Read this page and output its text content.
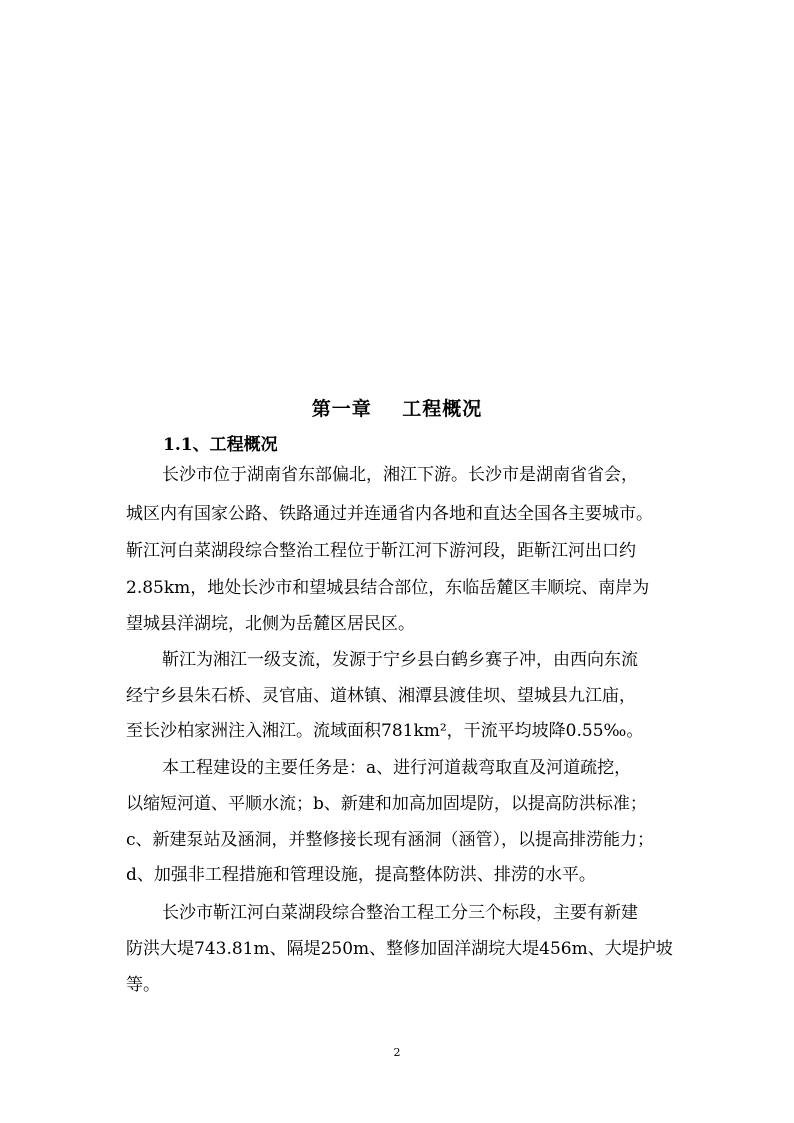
第一章    工程概况
1.1、工程概况
长沙市位于湖南省东部偏北，湘江下游。长沙市是湖南省省会，
城区内有国家公路、铁路通过并连通省内各地和直达全国各主要城市。
靳江河白菜湖段综合整治工程位于靳江河下游河段，距靳江河出口约
2.85km，地处长沙市和望城县结合部位，东临岳麓区丰顺垸、南岸为
望城县洋湖垸，北侧为岳麓区居民区。
靳江为湘江一级支流，发源于宁乡县白鹤乡赛子冲，由西向东流
经宁乡县朱石桥、灵官庙、道林镇、湘潭县渡佳坝、望城县九江庙，
至长沙柏家洲注入湘江。流域面积781km²，干流平均坡降0.55‰。
本工程建设的主要任务是：a、进行河道裁弯取直及河道疏挖，
以缩短河道、平顺水流；b、新建和加高加固堤防，以提高防洪标准；
c、新建泵站及涵洞，并整修接长现有涵洞（涵管），以提高排涝能力；
d、加强非工程措施和管理设施，提高整体防洪、排涝的水平。
长沙市靳江河白菜湖段综合整治工程工分三个标段，主要有新建
防洪大堤743.81m、隔堤250m、整修加固洋湖垸大堤456m、大堤护坡
等。
2
